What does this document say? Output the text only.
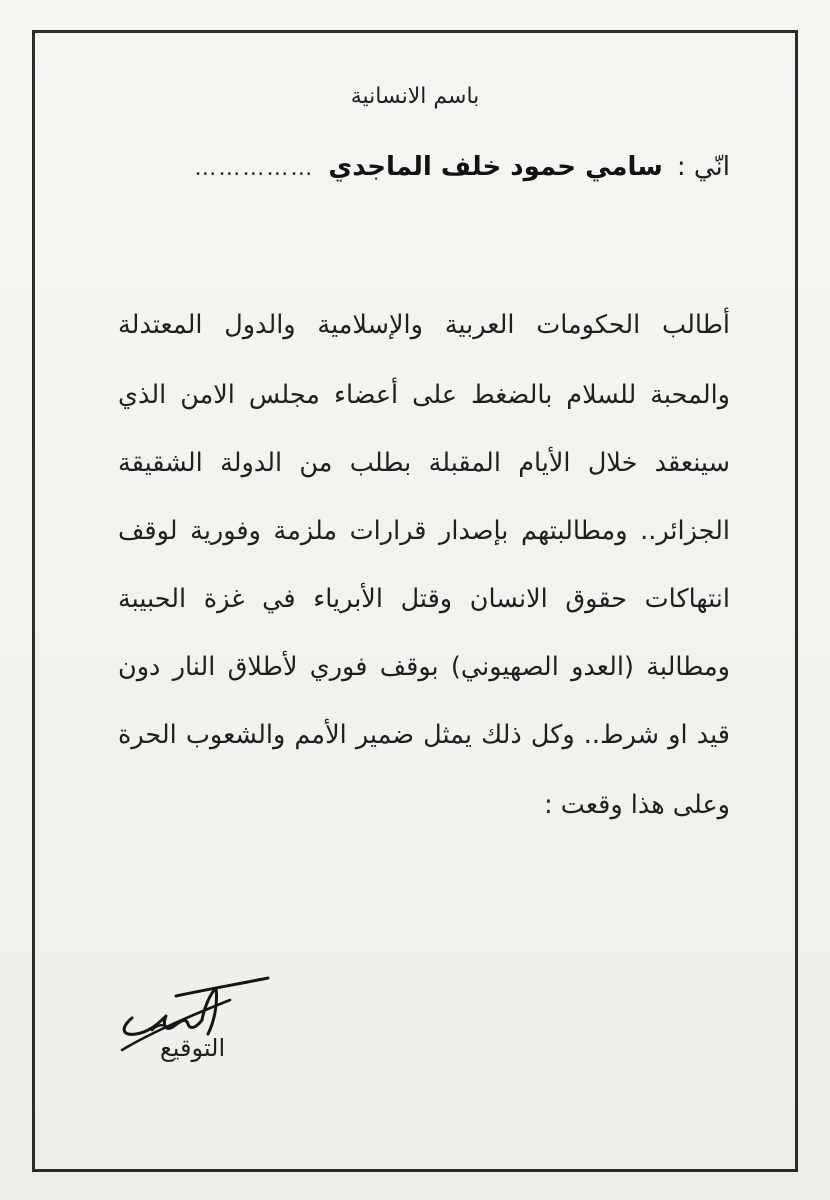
باسم الانسانية
انّي :
سامي حمود خلف الماجدي
……………
أطالب الحكومات العربية والإسلامية والدول المعتدلة
والمحبة للسلام بالضغط على أعضاء مجلس الامن الذي
سينعقد خلال الأيام المقبلة بطلب من الدولة الشقيقة
الجزائر.. ومطالبتهم بإصدار قرارات ملزمة وفورية لوقف
انتهاكات حقوق الانسان وقتل الأبرياء في غزة الحبيبة
ومطالبة (العدو الصهيوني) بوقف فوري لأطلاق النار دون
قيد او شرط.. وكل ذلك يمثل ضمير الأمم والشعوب الحرة
وعلى هذا وقعت :
التوقيع
